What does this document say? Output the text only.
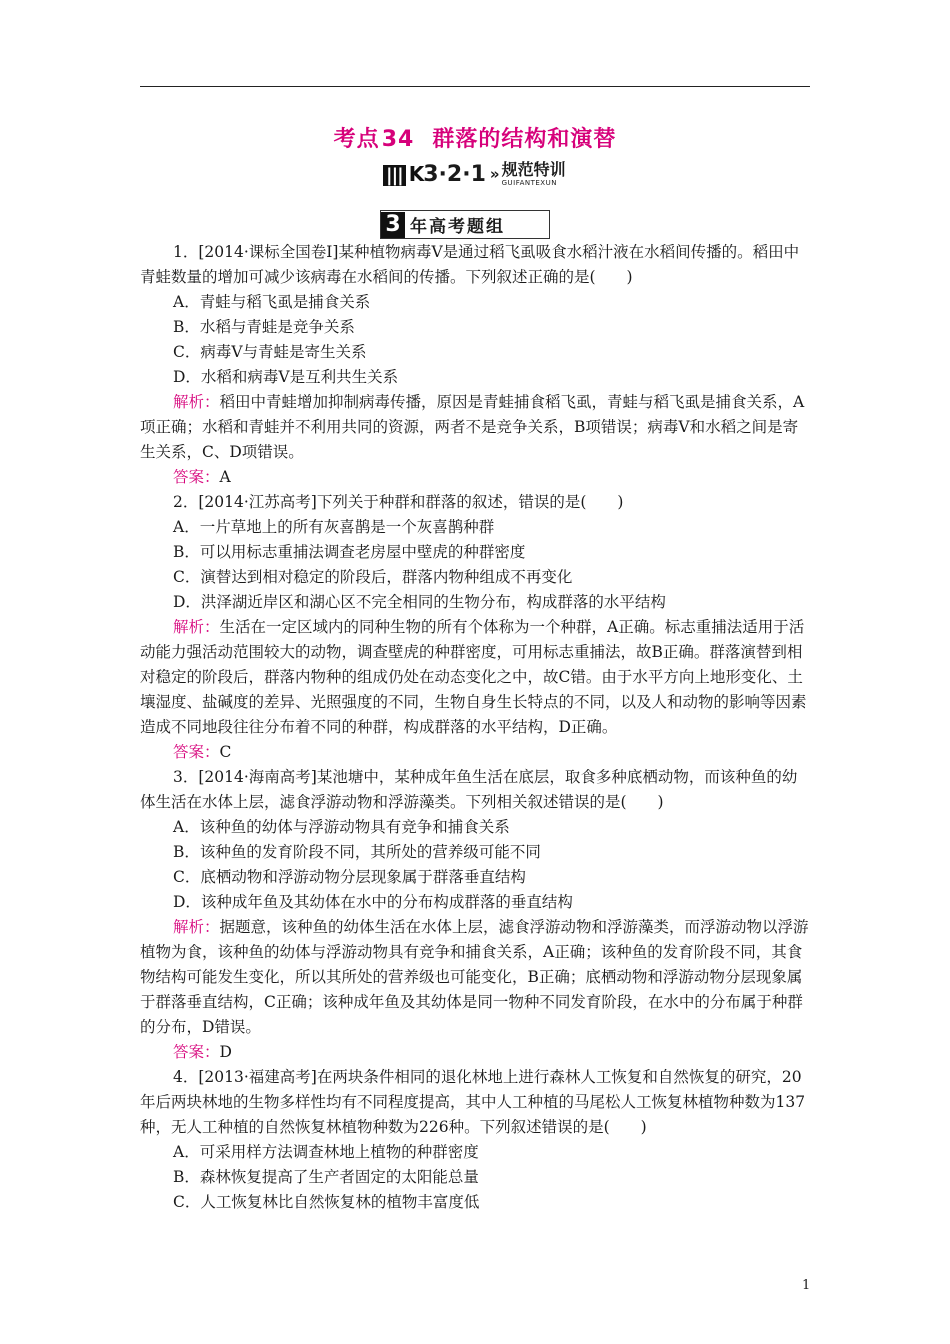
考点34 群落的结构和演替
||| K 3·2·1 » 规范特训
GUIFANTEXUN
3 年高考题组

1．[2014·课标全国卷Ⅰ]某种植物病毒Ⅴ是通过稻飞虱吸食水稻汁液在水稻间传播的。稻田中青蛙数量的增加可减少该病毒在水稻间的传播。下列叙述正确的是(　　)

A．青蛙与稻飞虱是捕食关系

B．水稻与青蛙是竞争关系

C．病毒Ⅴ与青蛙是寄生关系

D．水稻和病毒Ⅴ是互利共生关系

解析：稻田中青蛙增加抑制病毒传播，原因是青蛙捕食稻飞虱，青蛙与稻飞虱是捕食关系，A项正确；水稻和青蛙并不利用共同的资源，两者不是竞争关系，B项错误；病毒Ⅴ和水稻之间是寄生关系，C、D项错误。

答案：A

2．[2014·江苏高考]下列关于种群和群落的叙述，错误的是(　　)

A．一片草地上的所有灰喜鹊是一个灰喜鹊种群

B．可以用标志重捕法调查老房屋中壁虎的种群密度

C．演替达到相对稳定的阶段后，群落内物种组成不再变化

D．洪泽湖近岸区和湖心区不完全相同的生物分布，构成群落的水平结构

解析：生活在一定区域内的同种生物的所有个体称为一个种群，A正确。标志重捕法适用于活动能力强活动范围较大的动物，调查壁虎的种群密度，可用标志重捕法，故B正确。群落演替到相对稳定的阶段后，群落内物种的组成仍处在动态变化之中，故C错。由于水平方向上地形变化、土壤湿度、盐碱度的差异、光照强度的不同，生物自身生长特点的不同，以及人和动物的影响等因素造成不同地段往往分布着不同的种群，构成群落的水平结构，D正确。

答案：C

3．[2014·海南高考]某池塘中，某种成年鱼生活在底层，取食多种底栖动物，而该种鱼的幼体生活在水体上层，滤食浮游动物和浮游藻类。下列相关叙述错误的是(　　)

A．该种鱼的幼体与浮游动物具有竞争和捕食关系

B．该种鱼的发育阶段不同，其所处的营养级可能不同

C．底栖动物和浮游动物分层现象属于群落垂直结构

D．该种成年鱼及其幼体在水中的分布构成群落的垂直结构

解析：据题意，该种鱼的幼体生活在水体上层，滤食浮游动物和浮游藻类，而浮游动物以浮游植物为食，该种鱼的幼体与浮游动物具有竞争和捕食关系，A正确；该种鱼的发育阶段不同，其食物结构可能发生变化，所以其所处的营养级也可能变化，B正确；底栖动物和浮游动物分层现象属于群落垂直结构，C正确；该种成年鱼及其幼体是同一物种不同发育阶段，在水中的分布属于种群的分布，D错误。

答案：D

4．[2013·福建高考]在两块条件相同的退化林地上进行森林人工恢复和自然恢复的研究，20年后两块林地的生物多样性均有不同程度提高，其中人工种植的马尾松人工恢复林植物种数为137种，无人工种植的自然恢复林植物种数为226种。下列叙述错误的是(　　)

A．可采用样方法调查林地上植物的种群密度

B．森林恢复提高了生产者固定的太阳能总量

C．人工恢复林比自然恢复林的植物丰富度低

1
